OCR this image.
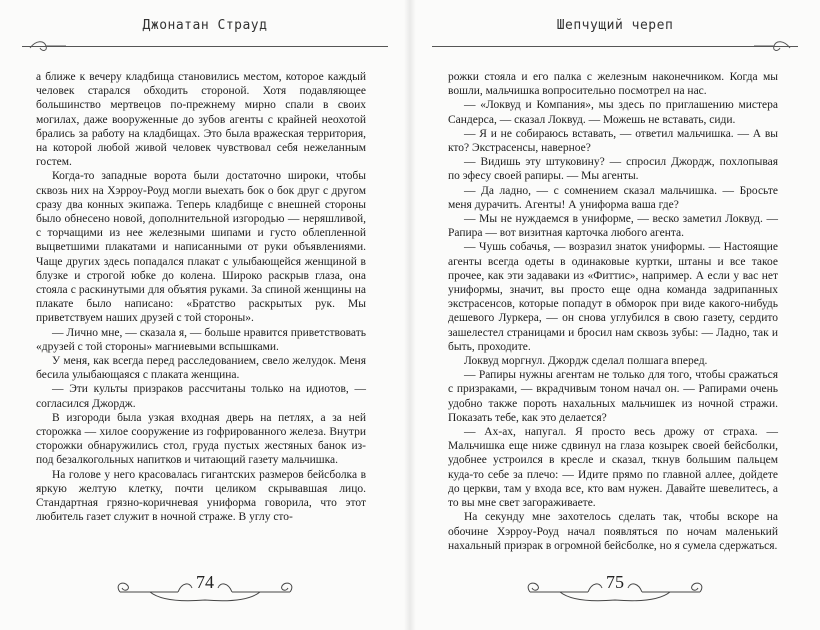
Джонатан Страуд

а ближе к вечеру кладбища становились местом, которое каждый человек старался обходить стороной. Хотя подавляющее большинство мертвецов по-прежнему мирно спали в своих могилах, даже вооруженные до зубов агенты с крайней неохотой брались за работу на кладбищах. Это была вражеская территория, на которой любой живой человек чувствовал себя нежеланным гостем.

Когда-то западные ворота были достаточно широки, чтобы сквозь них на Хэрроу-Роуд могли выехать бок о бок друг с другом сразу два конных экипажа. Теперь кладбище с внешней стороны было обнесено новой, дополнительной изгородью — неряшливой, с торчащими из нее железными шипами и густо облепленной выцветшими плакатами и написанными от руки объявлениями. Чаще других здесь попадался плакат с улыбающейся женщиной в блузке и строгой юбке до колена. Широко раскрыв глаза, она стояла с раскинутыми для объятия руками. За спиной женщины на плакате было написано: «Братство раскрытых рук. Мы приветствуем наших друзей с той стороны».

— Лично мне, — сказала я, — больше нравится приветствовать «друзей с той стороны» магниевыми вспышками.

У меня, как всегда перед расследованием, свело желудок. Меня бесила улыбающаяся с плаката женщина.

— Эти культы призраков рассчитаны только на идиотов, — согласился Джордж.

В изгороди была узкая входная дверь на петлях, а за ней сторожка — хилое сооружение из гофрированного железа. Внутри сторожки обнаружились стол, груда пустых жестяных банок из-под безалкогольных напитков и читающий газету мальчишка.

На голове у него красовалась гигантских размеров бейсболка в яркую желтую клетку, почти целиком скрывавшая лицо. Стандартная грязно-коричневая униформа говорила, что этот любитель газет служит в ночной страже. В углу сто-

74
Шепчущий череп

рожки стояла и его палка с железным наконечником. Когда мы вошли, мальчишка вопросительно посмотрел на нас.

— «Локвуд и Компания», мы здесь по приглашению мистера Сандерса, — сказал Локвуд. — Можешь не вставать, сиди.

— Я и не собираюсь вставать, — ответил мальчишка. — А вы кто? Экстрасенсы, наверное?

— Видишь эту штуковину? — спросил Джордж, похлопывая по эфесу своей рапиры. — Мы агенты.

— Да ладно, — с сомнением сказал мальчишка. — Бросьте меня дурачить. Агенты! А униформа ваша где?

— Мы не нуждаемся в униформе, — веско заметил Локвуд. — Рапира — вот визитная карточка любого агента.

— Чушь собачья, — возразил знаток униформы. — Настоящие агенты всегда одеты в одинаковые куртки, штаны и все такое прочее, как эти задаваки из «Фиттис», например. А если у вас нет униформы, значит, вы просто еще одна команда задрипанных экстрасенсов, которые попадут в обморок при виде какого-нибудь дешевого Луркера, — он снова углубился в свою газету, сердито зашелестел страницами и бросил нам сквозь зубы: — Ладно, так и быть, проходите.

Локвуд моргнул. Джордж сделал полшага вперед.

— Рапиры нужны агентам не только для того, чтобы сражаться с призраками, — вкрадчивым тоном начал он. — Рапирами очень удобно также пороть нахальных мальчишек из ночной стражи. Показать тебе, как это делается?

— Ах-ах, напугал. Я просто весь дрожу от страха. — Мальчишка еще ниже сдвинул на глаза козырек своей бейсболки, удобнее устроился в кресле и сказал, ткнув большим пальцем куда-то себе за плечо: — Идите прямо по главной аллее, дойдете до церкви, там у входа все, кто вам нужен. Давайте шевелитесь, а то вы мне свет загораживаете.

На секунду мне захотелось сделать так, чтобы вскоре на обочине Хэрроу-Роуд начал появляться по ночам маленький нахальный призрак в огромной бейсболке, но я сумела сдержаться.

75
